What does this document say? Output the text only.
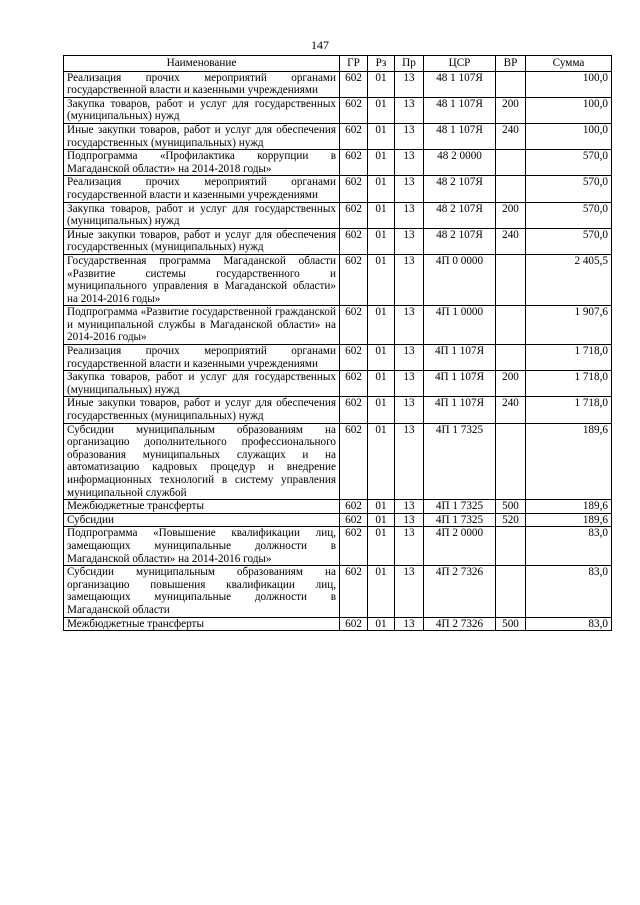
147
Наименование	ГР	Рз	Пр	ЦСР	ВР	Сумма
Реализация прочих мероприятий органами государственной власти и казенными учреждениями	602	01	13	48 1 107Я		100,0
Закупка товаров, работ и услуг для государственных (муниципальных) нужд	602	01	13	48 1 107Я	200	100,0
Иные закупки товаров, работ и услуг для обеспечения государственных (муниципальных) нужд	602	01	13	48 1 107Я	240	100,0
Подпрограмма «Профилактика коррупции в Магаданской области» на 2014-2018 годы»	602	01	13	48 2 0000		570,0
Реализация прочих мероприятий органами государственной власти и казенными учреждениями	602	01	13	48 2 107Я		570,0
Закупка товаров, работ и услуг для государственных (муниципальных) нужд	602	01	13	48 2 107Я	200	570,0
Иные закупки товаров, работ и услуг для обеспечения государственных (муниципальных) нужд	602	01	13	48 2 107Я	240	570,0
Государственная программа Магаданской области «Развитие системы государственного и муниципального управления в Магаданской области» на 2014-2016 годы»	602	01	13	4П 0 0000		2 405,5
Подпрограмма «Развитие государственной гражданской и муниципальной службы в Магаданской области» на 2014-2016 годы»	602	01	13	4П 1 0000		1 907,6
Реализация прочих мероприятий органами государственной власти и казенными учреждениями	602	01	13	4П 1 107Я		1 718,0
Закупка товаров, работ и услуг для государственных (муниципальных) нужд	602	01	13	4П 1 107Я	200	1 718,0
Иные закупки товаров, работ и услуг для обеспечения государственных (муниципальных) нужд	602	01	13	4П 1 107Я	240	1 718,0
Субсидии муниципальным образованиям на организацию дополнительного профессионального образования муниципальных служащих и на автоматизацию кадровых процедур и внедрение информационных технологий в систему управления муниципальной службой	602	01	13	4П 1 7325		189,6
Межбюджетные трансферты	602	01	13	4П 1 7325	500	189,6
Субсидии	602	01	13	4П 1 7325	520	189,6
Подпрограмма «Повышение квалификации лиц, замещающих муниципальные должности в Магаданской области» на 2014-2016 годы»	602	01	13	4П 2 0000		83,0
Субсидии муниципальным образованиям на организацию повышения квалификации лиц, замещающих муниципальные должности в Магаданской области	602	01	13	4П 2 7326		83,0
Межбюджетные трансферты	602	01	13	4П 2 7326	500	83,0
